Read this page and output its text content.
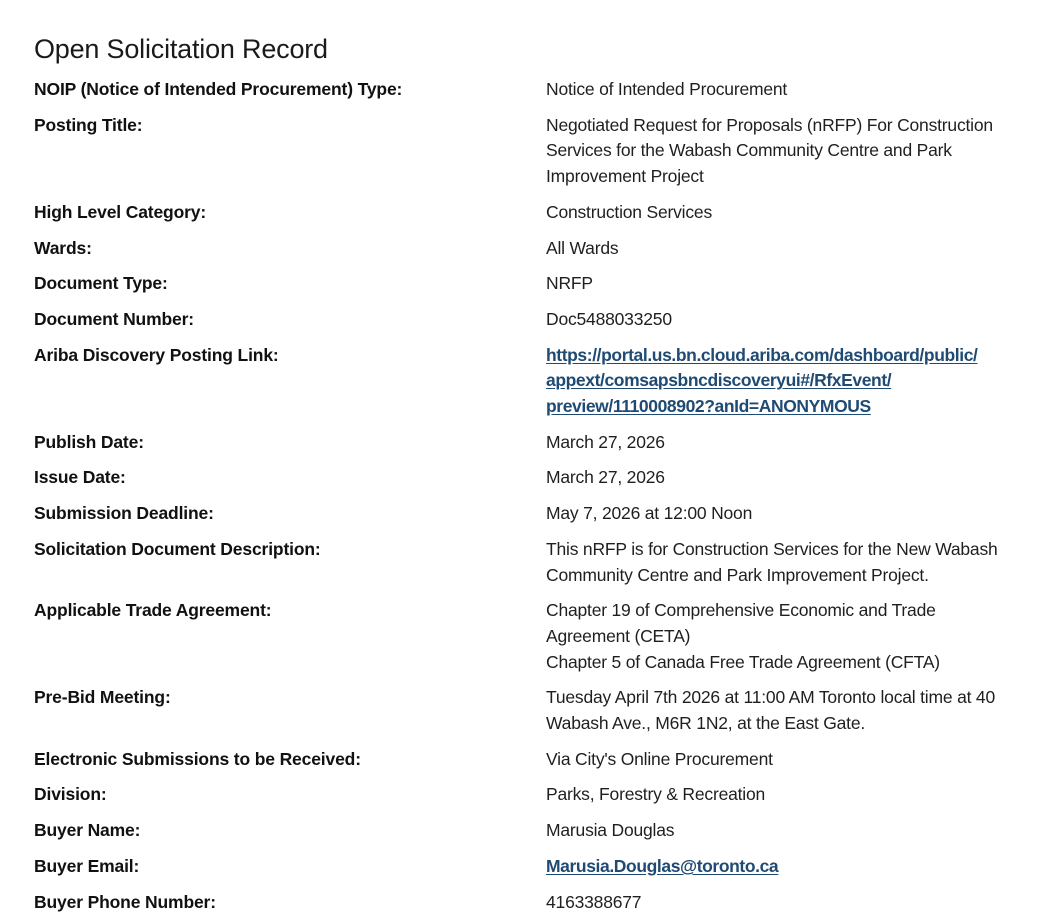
Open Solicitation Record
NOIP (Notice of Intended Procurement) Type:	Notice of Intended Procurement
Posting Title:	Negotiated Request for Proposals (nRFP) For Construction
Services for the Wabash Community Centre and Park
Improvement Project
High Level Category:	Construction Services
Wards:	All Wards
Document Type:	NRFP
Document Number:	Doc5488033250
Ariba Discovery Posting Link:	https://portal.us.bn.cloud.ariba.com/dashboard/public/
appext/comsapsbncdiscoveryui#/RfxEvent/
preview/1110008902?anId=ANONYMOUS
Publish Date:	March 27, 2026
Issue Date:	March 27, 2026
Submission Deadline:	May 7, 2026 at 12:00 Noon
Solicitation Document Description:	This nRFP is for Construction Services for the New Wabash
Community Centre and Park Improvement Project.
Applicable Trade Agreement:	Chapter 19 of Comprehensive Economic and Trade
Agreement (CETA)
Chapter 5 of Canada Free Trade Agreement (CFTA)
Pre-Bid Meeting:	Tuesday April 7th 2026 at 11:00 AM Toronto local time at 40
Wabash Ave., M6R 1N2, at the East Gate.
Electronic Submissions to be Received:	Via City's Online Procurement
Division:	Parks, Forestry & Recreation
Buyer Name:	Marusia Douglas
Buyer Email:	Marusia.Douglas@toronto.ca
Buyer Phone Number:	4163388677
